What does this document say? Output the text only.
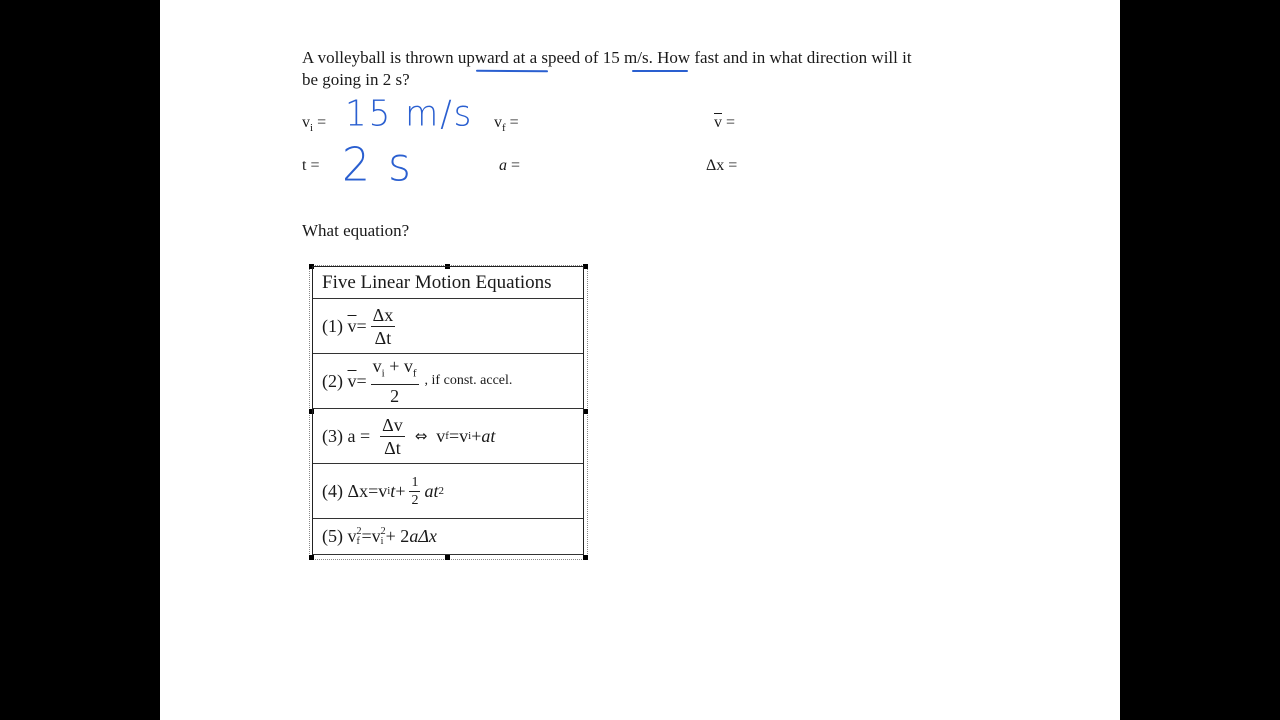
A volleyball is thrown upward at a speed of 15 m/s. How fast and in what direction will it
be going in 2 s?
$v_i = 15$ m/s $v_f$ =	$\overline{v}$ =
t = 2 s	a =	Δx =
What equation?
Five Linear Motion Equations
(1)
$\overline{v} = \frac{\Delta x}{\Delta t}$
(2)
$\overline{v} = \frac{v_i + v_f}{2}$ , if const. accel.
(3)
$a = \frac{\Delta v}{\Delta t}$ ⇔
v f = v i + at
(4)
Δx= v i $t + \frac{1}{2}$ at 2
(5)
v 2
f = v 2
i + 2 aΔx
